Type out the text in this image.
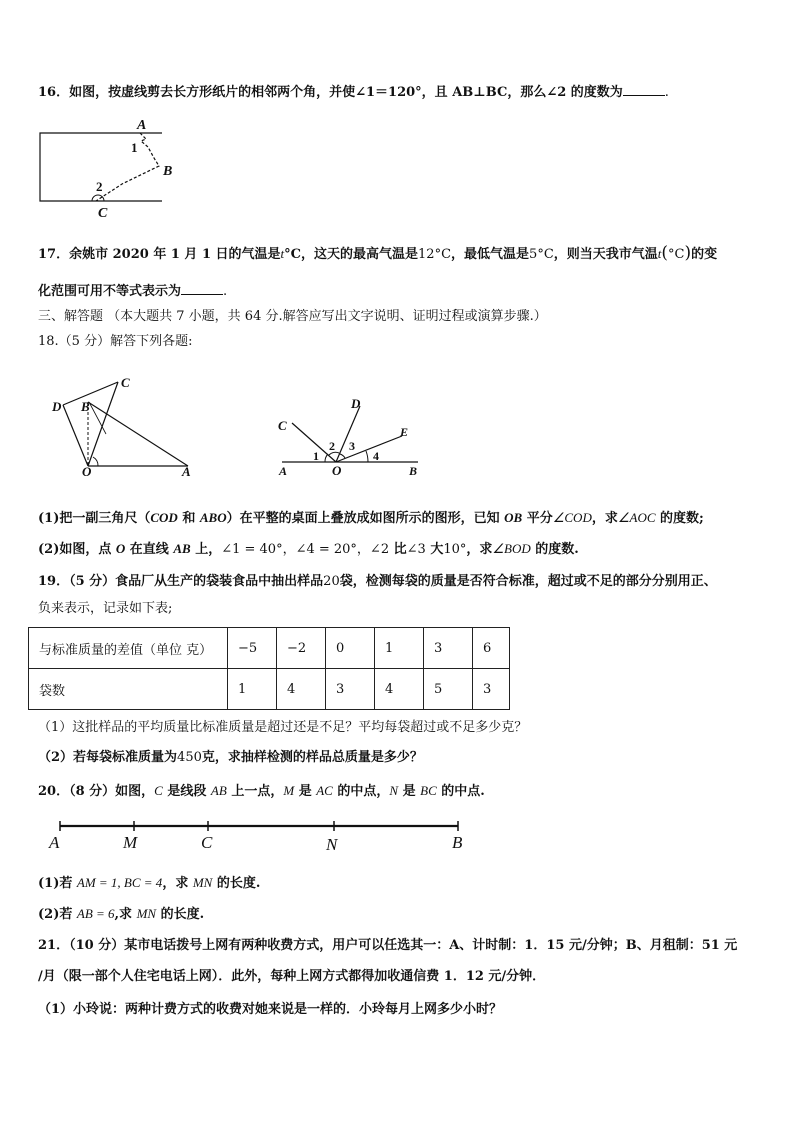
16．如图，按虚线剪去长方形纸片的相邻两个角，并使∠1＝120°，且 AB⊥BC，那么∠2 的度数为	.
A
1
B
2
C
17．余姚市 2020 年 1 月 1 日的气温是t°C，这天的最高气温是12°C，最低气温是5°C，则当天我市气温t(°C)的变
化范围可用不等式表示为	.
三、解答题 （本大题共 7 小题，共 64 分.解答应写出文字说明、证明过程或演算步骤.）
18.（5 分）解答下列各题:
C
D B
O	A
C
D
E
A	O	B
1
2 3
4
(1)把一副三角尺（COD 和 ABO）在平整的桌面上叠放成如图所示的图形，已知 OB 平分∠COD，求∠AOC 的度数;
(2)如图，点 O 在直线 AB 上，∠1 = 40°，∠4 = 20°，∠2 比∠3 大10°，求∠BOD 的度数.
19．（5 分）食品厂从生产的袋装食品中抽出样品20袋，检测每袋的质量是否符合标准，超过或不足的部分分别用正、
负来表示，记录如下表;
与标准质量的差值（单位 克）	−5	−2	0	1	3	6
袋数	1	4	3	4	5	3
（1）这批样品的平均质量比标准质量是超过还是不足？平均每袋超过或不足多少克？
（2）若每袋标准质量为450克，求抽样检测的样品总质量是多少？
20．（8 分）如图，C 是线段 AB 上一点，M 是 AC 的中点，N 是 BC 的中点.
A	M	C	N	B
(1)若 AM = 1, BC = 4，求 MN 的长度.
(2)若 AB = 6,求 MN 的长度.
21．（10 分）某市电话拨号上网有两种收费方式，用户可以任选其一：A、计时制：1．15 元/分钟；B、月租制：51 元
/月（限一部个人住宅电话上网）．此外，每种上网方式都得加收通信费 1．12 元/分钟．
（1）小玲说：两种计费方式的收费对她来说是一样的．小玲每月上网多少小时？
